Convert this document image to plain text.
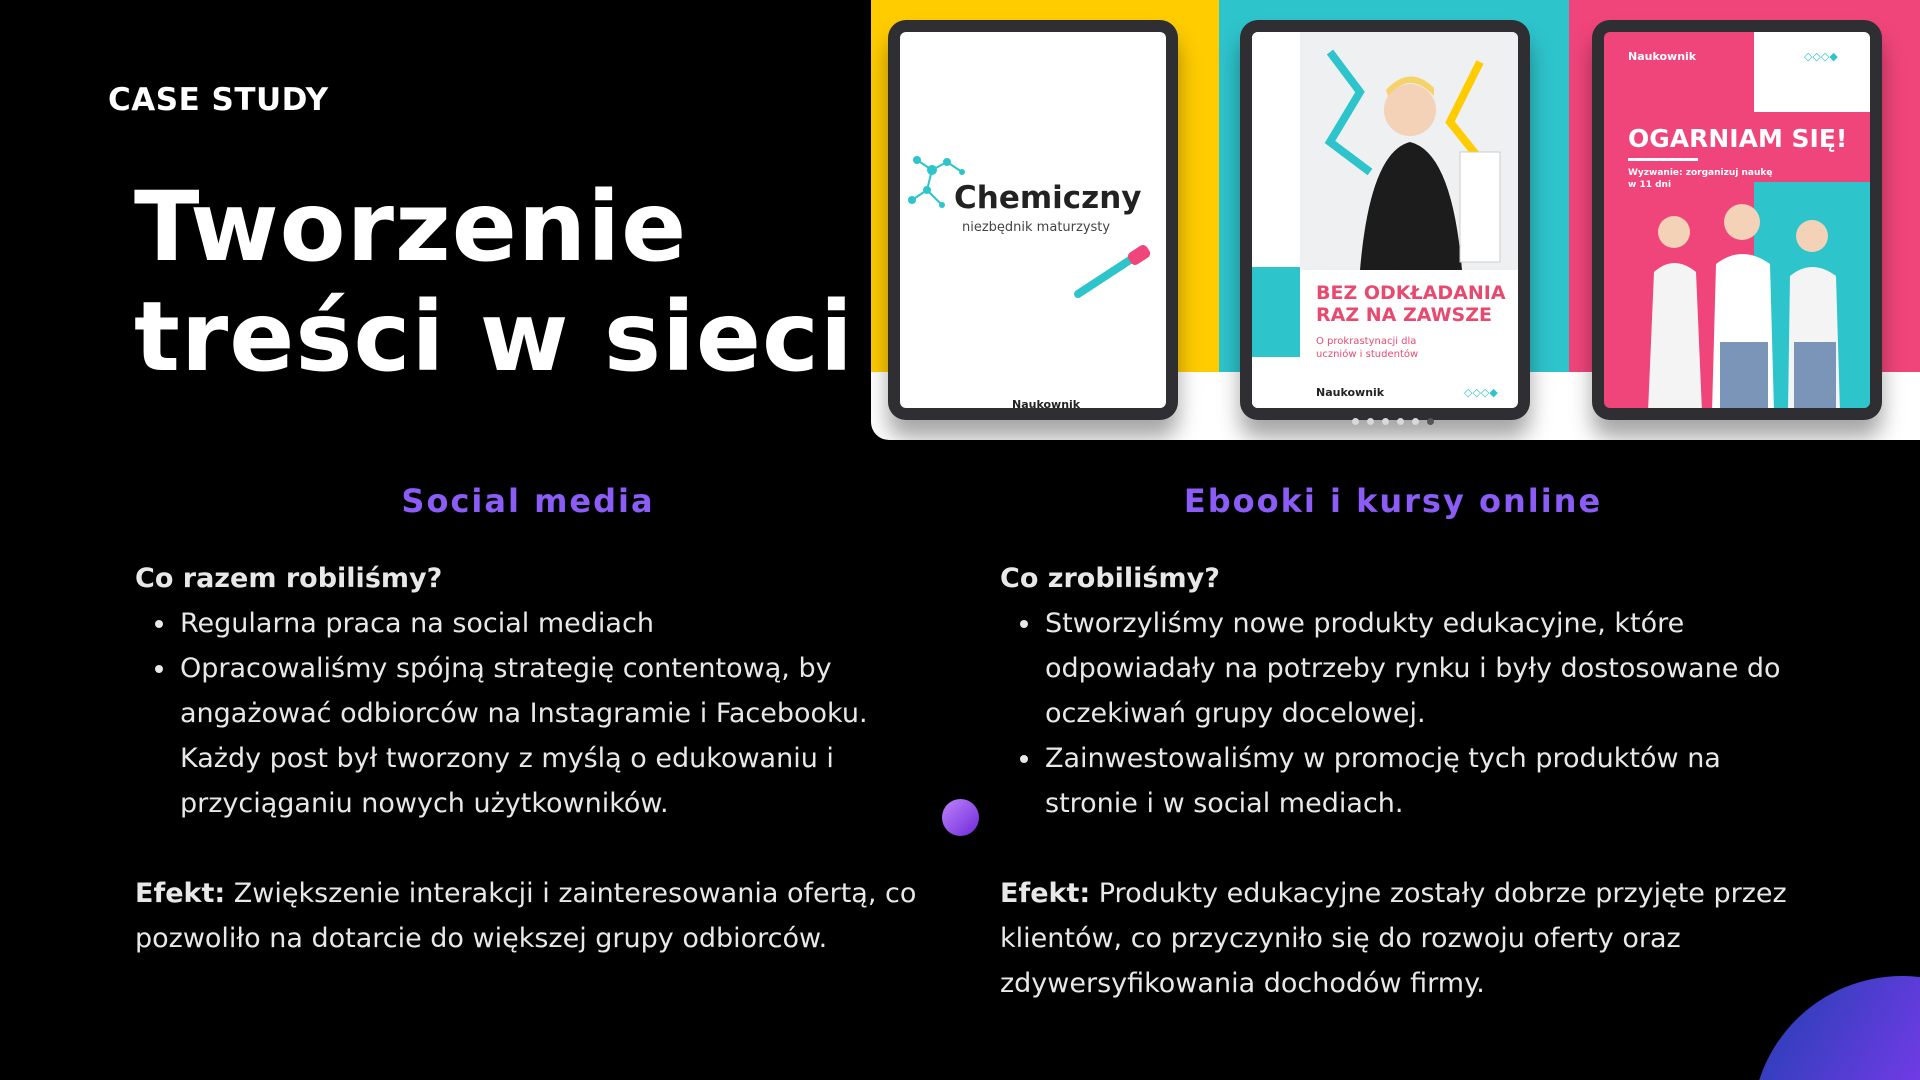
CASE STUDY
Tworzenie
treści w sieci
Chemiczny
niezbędnik maturzysty
Naukownik
BEZ ODKŁADANIA
RAZ NA ZAWSZE
O prokrastynacji dla
uczniów i studentów
Naukownik	◇◇◇◆
Naukownik	◇◇◇◆
OGARNIAM SIĘ!
Wyzwanie: zorganizuj naukę
w 11 dni
Social media
Co razem robiliśmy?
Regularna praca na social mediach
Opracowaliśmy spójną strategię contentową, by angażować odbiorców na Instagramie i Facebooku. Każdy post był tworzony z myślą o edukowaniu i przyciąganiu nowych użytkowników.
Efekt: Zwiększenie interakcji i zainteresowania ofertą, co pozwoliło na dotarcie do większej grupy odbiorców.
Ebooki i kursy online
Co zrobiliśmy?
Stworzyliśmy nowe produkty edukacyjne, które odpowiadały na potrzeby rynku i były dostosowane do oczekiwań grupy docelowej.
Zainwestowaliśmy w promocję tych produktów na stronie i w social mediach.
Efekt: Produkty edukacyjne zostały dobrze przyjęte przez klientów, co przyczyniło się do rozwoju oferty oraz zdywersyfikowania dochodów firmy.
